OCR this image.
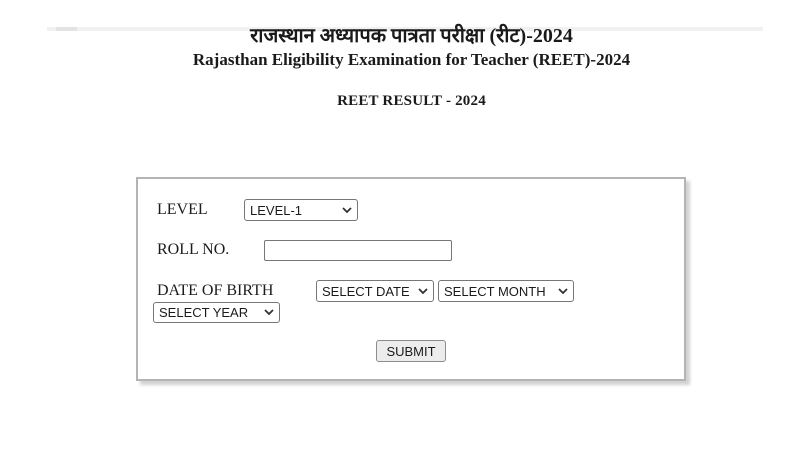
राजस्थान अध्यापक पात्रता परीक्षा (रीट)-2024
Rajasthan Eligibility Examination for Teacher (REET)-2024
REET RESULT - 2024
LEVEL	LEVEL-1
ROLL NO.
DATE OF BIRTH	SELECT DATE	SELECT MONTH
SELECT YEAR
SUBMIT
